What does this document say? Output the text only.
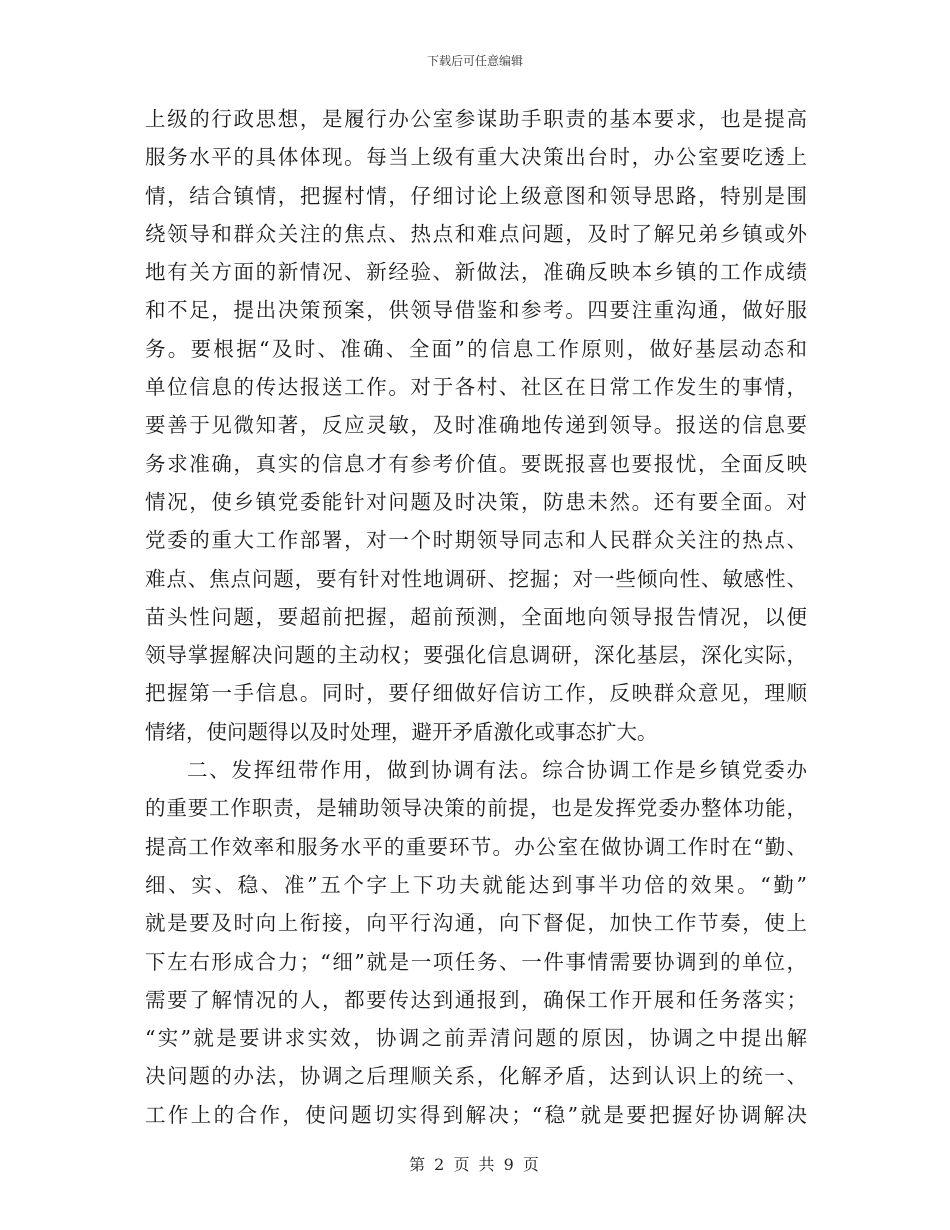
下载后可任意编辑
上级的行政思想，是履行办公室参谋助手职责的基本要求，也是提高
服务水平的具体体现。每当上级有重大决策出台时，办公室要吃透上
情，结合镇情，把握村情，仔细讨论上级意图和领导思路，特别是围
绕领导和群众关注的焦点、热点和难点问题，及时了解兄弟乡镇或外
地有关方面的新情况、新经验、新做法，准确反映本乡镇的工作成绩
和不足，提出决策预案，供领导借鉴和参考。四要注重沟通，做好服
务。要根据“及时、准确、全面”的信息工作原则，做好基层动态和
单位信息的传达报送工作。对于各村、社区在日常工作发生的事情，
要善于见微知著，反应灵敏，及时准确地传递到领导。报送的信息要
务求准确，真实的信息才有参考价值。要既报喜也要报忧，全面反映
情况，使乡镇党委能针对问题及时决策，防患未然。还有要全面。对
党委的重大工作部署，对一个时期领导同志和人民群众关注的热点、
难点、焦点问题，要有针对性地调研、挖掘；对一些倾向性、敏感性、
苗头性问题，要超前把握，超前预测，全面地向领导报告情况，以便
领导掌握解决问题的主动权；要强化信息调研，深化基层，深化实际，
把握第一手信息。同时，要仔细做好信访工作，反映群众意见，理顺
情绪，使问题得以及时处理，避开矛盾激化或事态扩大。
二、发挥纽带作用，做到协调有法。综合协调工作是乡镇党委办
的重要工作职责，是辅助领导决策的前提，也是发挥党委办整体功能，
提高工作效率和服务水平的重要环节。办公室在做协调工作时在“勤、
细、实、稳、准”五个字上下功夫就能达到事半功倍的效果。“勤”
就是要及时向上衔接，向平行沟通，向下督促，加快工作节奏，使上
下左右形成合力；“细”就是一项任务、一件事情需要协调到的单位，
需要了解情况的人，都要传达到通报到，确保工作开展和任务落实；
“实”就是要讲求实效，协调之前弄清问题的原因，协调之中提出解
决问题的办法，协调之后理顺关系，化解矛盾，达到认识上的统一、
工作上的合作，使问题切实得到解决；“稳”就是要把握好协调解决
第 2 页 共 9 页
